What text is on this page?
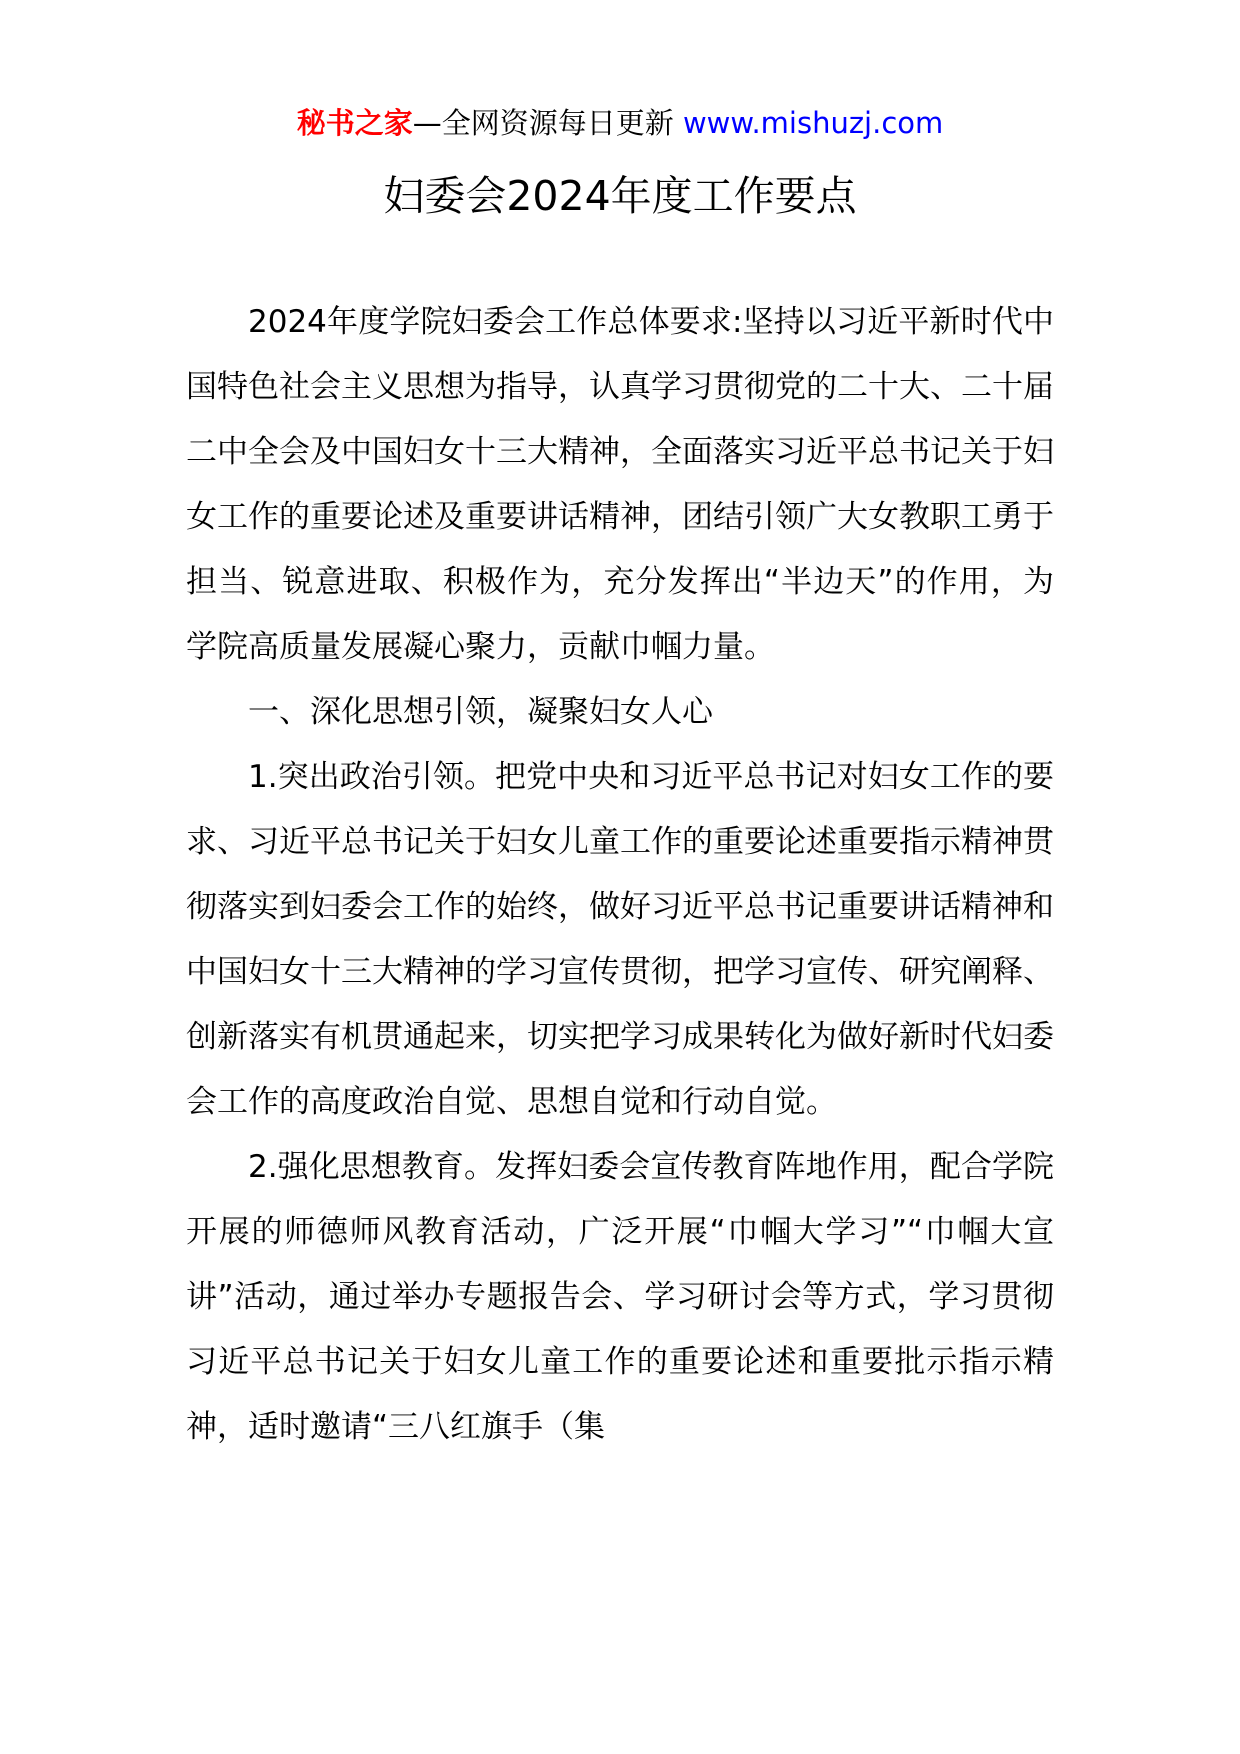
秘书之家—全网资源每日更新 www.mishuzj.com
妇委会2024年度工作要点

2024年度学院妇委会工作总体要求:坚持以习近平新时代中国特色社会主义思想为指导，认真学习贯彻党的二十大、二十届二中全会及中国妇女十三大精神，全面落实习近平总书记关于妇女工作的重要论述及重要讲话精神，团结引领广大女教职工勇于担当、锐意进取、积极作为，充分发挥出“半边天”的作用，为学院高质量发展凝心聚力，贡献巾帼力量。

一、深化思想引领，凝聚妇女人心

1.突出政治引领。把党中央和习近平总书记对妇女工作的要求、习近平总书记关于妇女儿童工作的重要论述重要指示精神贯彻落实到妇委会工作的始终，做好习近平总书记重要讲话精神和中国妇女十三大精神的学习宣传贯彻，把学习宣传、研究阐释、创新落实有机贯通起来，切实把学习成果转化为做好新时代妇委会工作的高度政治自觉、思想自觉和行动自觉。

2.强化思想教育。发挥妇委会宣传教育阵地作用，配合学院开展的师德师风教育活动，广泛开展“巾帼大学习”“巾帼大宣讲”活动，通过举办专题报告会、学习研讨会等方式，学习贯彻习近平总书记关于妇女儿童工作的重要论述和重要批示指示精神，适时邀请“三八红旗手（集
